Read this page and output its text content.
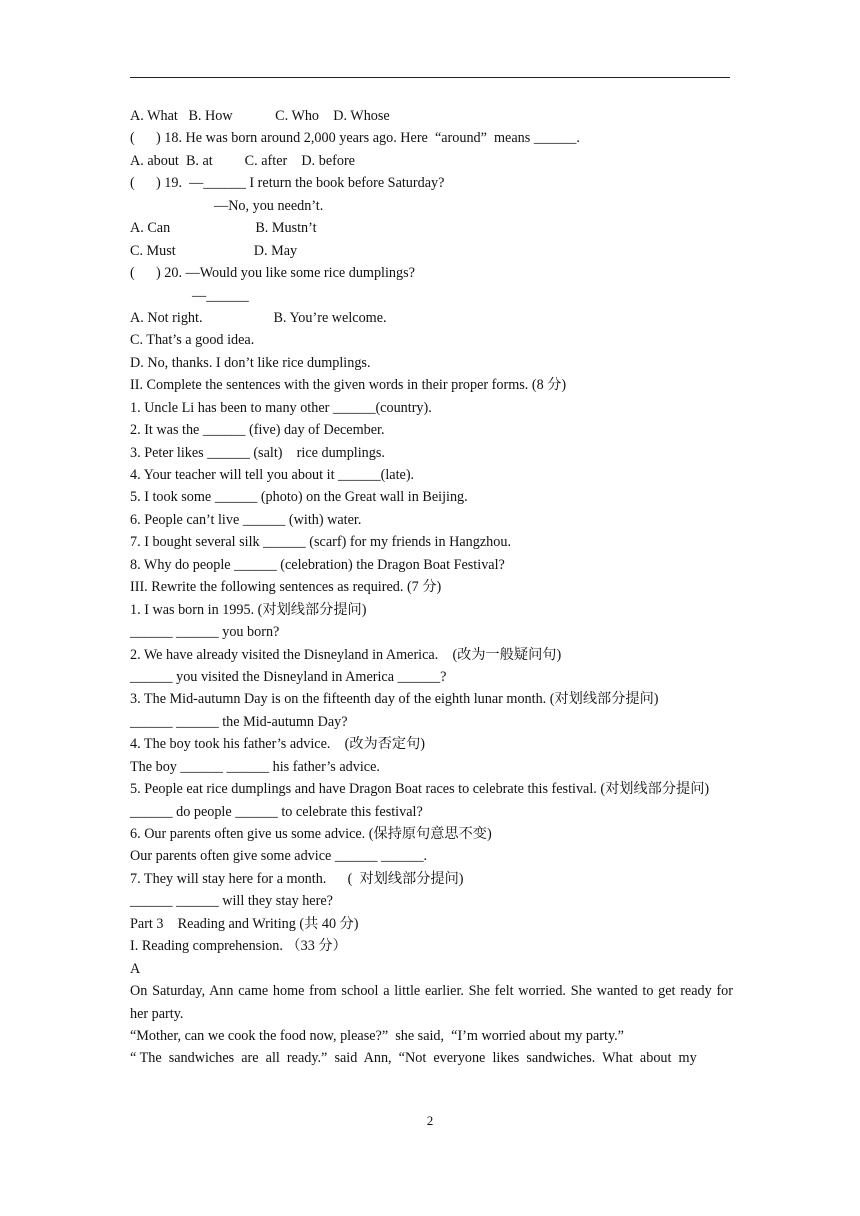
A. What   B. How            C. Who    D. Whose
(      ) 18. He was born around 2,000 years ago. Here  “around”  means ______.
A. about  B. at         C. after    D. before
(      ) 19.  —______ I return the book before Saturday?
—No, you needn’t.
A. Can                        B. Mustn’t
C. Must                      D. May
(      ) 20. —Would you like some rice dumplings?
—______
A. Not right.                    B. You’re welcome.
C. That’s a good idea.
D. No, thanks. I don’t like rice dumplings.
II. Complete the sentences with the given words in their proper forms. (8 分)
1. Uncle Li has been to many other ______(country).
2. It was the ______ (five) day of December.
3. Peter likes ______ (salt)    rice dumplings.
4. Your teacher will tell you about it ______(late).
5. I took some ______ (photo) on the Great wall in Beijing.
6. People can’t live ______ (with) water.
7. I bought several silk ______ (scarf) for my friends in Hangzhou.
8. Why do people ______ (celebration) the Dragon Boat Festival?
III. Rewrite the following sentences as required. (7 分)
1. I was born in 1995. (对划线部分提问)
______ ______ you born?
2. We have already visited the Disneyland in America.    (改为一般疑问句)
______ you visited the Disneyland in America ______?
3. The Mid-autumn Day is on the fifteenth day of the eighth lunar month. (对划线部分提问)
______ ______ the Mid-autumn Day?
4. The boy took his father’s advice.    (改为否定句)
The boy ______ ______ his father’s advice.
5. People eat rice dumplings and have Dragon Boat races to celebrate this festival. (对划线部分提问)
______ do people ______ to celebrate this festival?
6. Our parents often give us some advice. (保持原句意思不变)
Our parents often give some advice ______ ______.
7. They will stay here for a month.      (  对划线部分提问)
______ ______ will they stay here?
Part 3    Reading and Writing (共 40 分)
I. Reading comprehension. （33 分）
A
On Saturday, Ann came home from school a little earlier. She felt worried. She wanted to get ready for her party.
“Mother, can we cook the food now, please?”  she said,  “I’m worried about my party.”
“ The  sandwiches  are  all  ready.”  said  Ann,  “Not  everyone  likes  sandwiches.  What  about  my
2
